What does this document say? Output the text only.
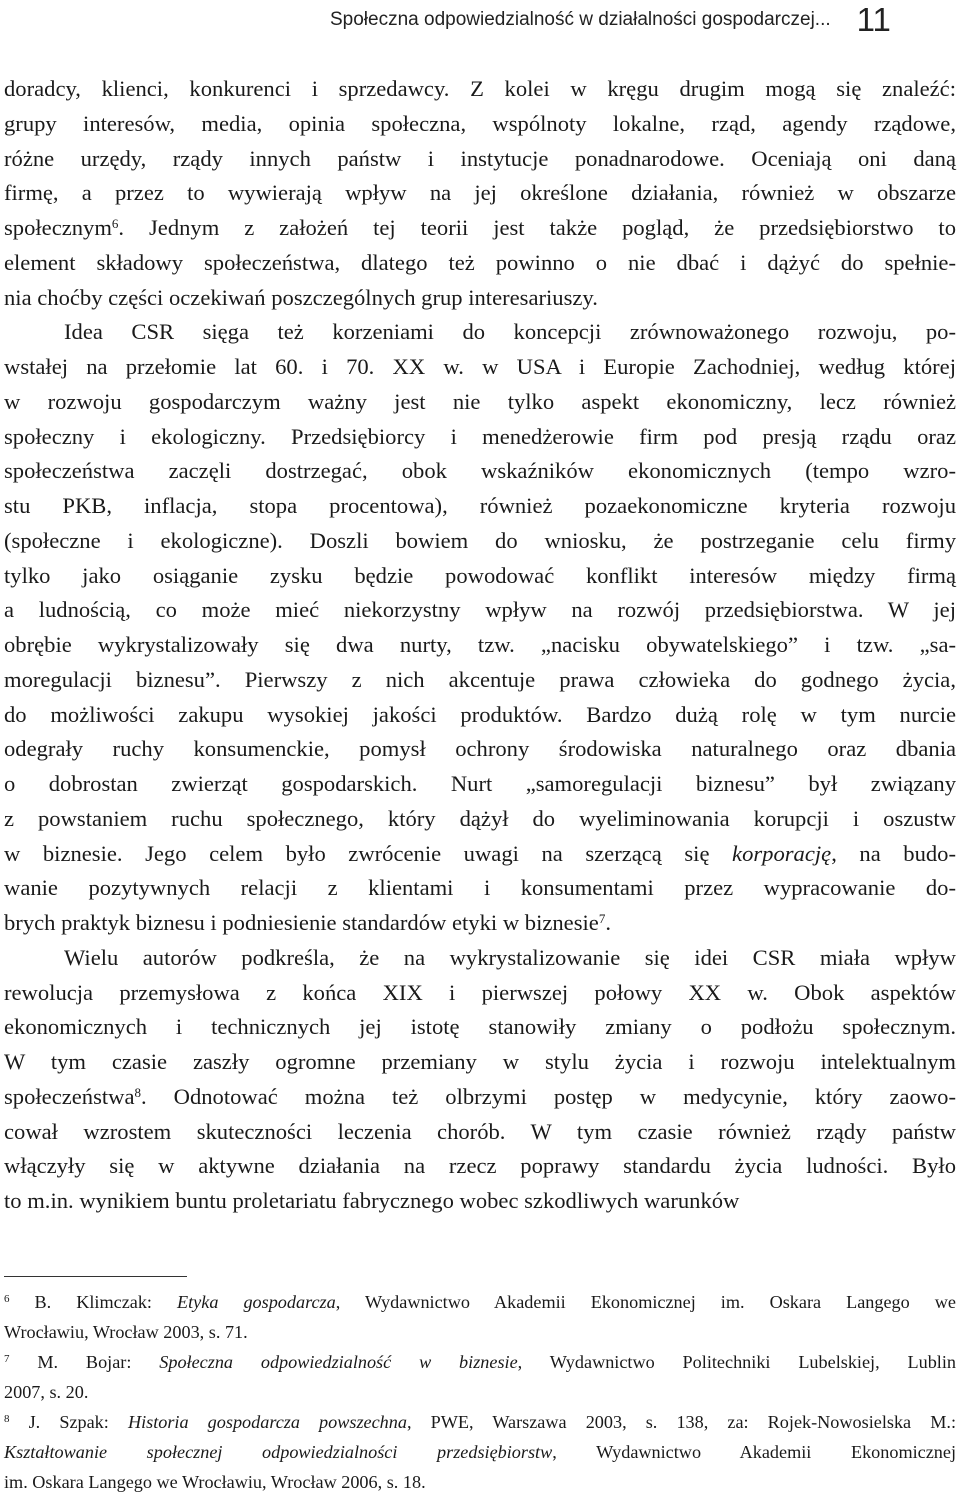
Społeczna odpowiedzialność w działalności gospodarczej... 11
doradcy, klienci, konkurenci i sprzedawcy. Z kolei w kręgu drugim mogą się znaleźć:
grupy interesów, media, opinia społeczna, wspólnoty lokalne, rząd, agendy rządowe,
różne urzędy, rządy innych państw i instytucje ponadnarodowe. Oceniają oni daną
firmę, a przez to wywierają wpływ na jej określone działania, również w obszarze
społecznym$^6$. Jednym z założeń tej teorii jest także pogląd, że przedsiębiorstwo to
element składowy społeczeństwa, dlatego też powinno o nie dbać i dążyć do spełnie-
nia choćby części oczekiwań poszczególnych grup interesariuszy.
Idea CSR sięga też korzeniami do koncepcji zrównoważonego rozwoju, po-
wstałej na przełomie lat 60. i 70. XX w. w USA i Europie Zachodniej, według której
w rozwoju gospodarczym ważny jest nie tylko aspekt ekonomiczny, lecz również
społeczny i ekologiczny. Przedsiębiorcy i menedżerowie firm pod presją rządu oraz
społeczeństwa zaczęli dostrzegać, obok wskaźników ekonomicznych (tempo wzro-
stu PKB, inflacja, stopa procentowa), również pozaekonomiczne kryteria rozwoju
(społeczne i ekologiczne). Doszli bowiem do wniosku, że postrzeganie celu firmy
tylko jako osiąganie zysku będzie powodować konflikt interesów między firmą
a ludnością, co może mieć niekorzystny wpływ na rozwój przedsiębiorstwa. W jej
obrębie wykrystalizowały się dwa nurty, tzw. „nacisku obywatelskiego” i tzw. „sa-
moregulacji biznesu”. Pierwszy z nich akcentuje prawa człowieka do godnego życia,
do możliwości zakupu wysokiej jakości produktów. Bardzo dużą rolę w tym nurcie
odegrały ruchy konsumenckie, pomysł ochrony środowiska naturalnego oraz dbania
o dobrostan zwierząt gospodarskich. Nurt „samoregulacji biznesu” był związany
z powstaniem ruchu społecznego, który dążył do wyeliminowania korupcji i oszustw
w biznesie. Jego celem było zwrócenie uwagi na szerzącą się korporację, na budo-
wanie pozytywnych relacji z klientami i konsumentami przez wypracowanie do-
brych praktyk biznesu i podniesienie standardów etyki w biznesie$^7$.
Wielu autorów podkreśla, że na wykrystalizowanie się idei CSR miała wpływ
rewolucja przemysłowa z końca XIX i pierwszej połowy XX w. Obok aspektów
ekonomicznych i technicznych jej istotę stanowiły zmiany o podłożu społecznym.
W tym czasie zaszły ogromne przemiany w stylu życia i rozwoju intelektualnym
społeczeństwa$^8$. Odnotować można też olbrzymi postęp w medycynie, który zaowo-
cował wzrostem skuteczności leczenia chorób. W tym czasie również rządy państw
włączyły się w aktywne działania na rzecz poprawy standardu życia ludności. Było
to m.in. wynikiem buntu proletariatu fabrycznego wobec szkodliwych warunków
$^6$ B. Klimczak: Etyka gospodarcza, Wydawnictwo Akademii Ekonomicznej im. Oskara Langego we
Wrocławiu, Wrocław 2003, s. 71.
$^7$ M. Bojar: Społeczna odpowiedzialność w biznesie, Wydawnictwo Politechniki Lubelskiej, Lublin
2007, s. 20.
$^8$ J. Szpak: Historia gospodarcza powszechna, PWE, Warszawa 2003, s. 138, za: Rojek-Nowosielska M.:
Kształtowanie społecznej odpowiedzialności przedsiębiorstw, Wydawnictwo Akademii Ekonomicznej
im. Oskara Langego we Wrocławiu, Wrocław 2006, s. 18.
